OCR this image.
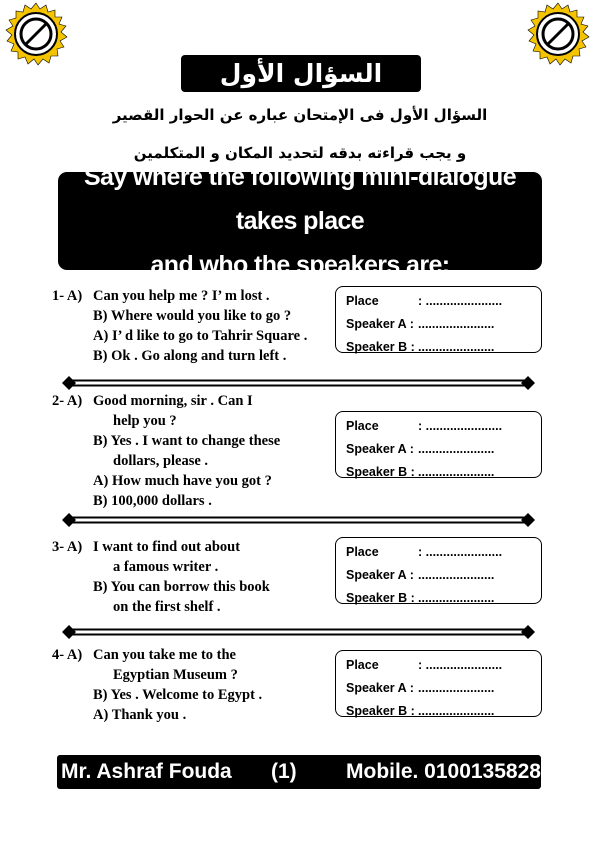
السؤال الأول
السؤال الأول فى الإمتحان عباره عن الحوار القصير
و يجب قراءته بدقه لتحديد المكان و المتكلمين
Say where the following mini-dialogue takes place
and who the speakers are:
1- A) Can you help me ? I’ m lost .
B) Where would you like to go ?
A) I’ d like to go to Tahrir Square .
B) Ok . Go along and turn left .
Place	: ......................
Speaker A : ......................
Speaker B : ......................
2- A) Good morning, sir . Can I
help you ?
B) Yes . I want to change these
dollars, please .
A) How much have you got ?
B) 100,000 dollars .
Place	: ......................
Speaker A : ......................
Speaker B : ......................
3- A) I want to find out about
a famous writer .
B) You can borrow this book
on the first shelf .
Place	: ......................
Speaker A : ......................
Speaker B : ......................
4- A) Can you take me to the
Egyptian Museum ?
B) Yes . Welcome to Egypt .
A) Thank you .
Place	: ......................
Speaker A : ......................
Speaker B : ......................
Mr. Ashraf Fouda (1) Mobile. 01001358289
